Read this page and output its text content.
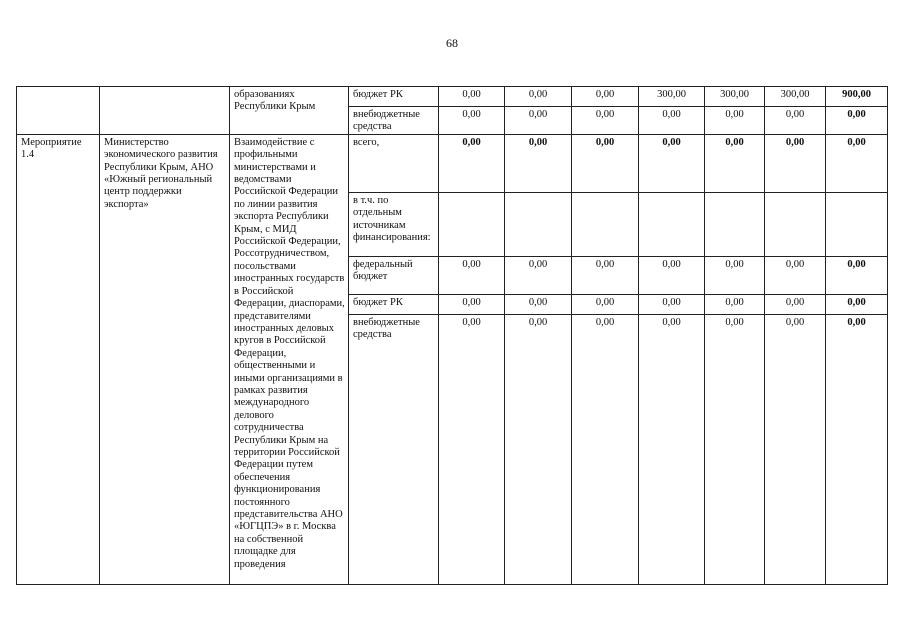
68
		образованиях Республики Крым	бюджет РК	0,00	0,00	0,00	300,00	300,00	300,00	900,00
			внебюджетные средства	0,00	0,00	0,00	0,00	0,00	0,00	0,00
Мероприятие 1.4	Министерство экономического развития Республики Крым, АНО «Южный региональный центр поддержки экспорта»	Взаимодействие с профильными министерствами и ведомствами Российской Федерации по линии развития экспорта Республики Крым, с МИД Российской Федерации, Россотрудничеством, посольствами иностранных государств в Российской Федерации, диаспорами, представителями иностранных деловых кругов в Российской Федерации, общественными и иными организациями в рамках развития международного делового сотрудничества Республики Крым на территории Российской Федерации путем обеспечения функционирования постоянного представительства АНО «ЮГЦПЭ» в г. Москва на собственной площадке для проведения	всего,	0,00	0,00	0,00	0,00	0,00	0,00	0,00
			в т.ч. по отдельным источникам финансирования:							
			федеральный бюджет	0,00	0,00	0,00	0,00	0,00	0,00	0,00
			бюджет РК	0,00	0,00	0,00	0,00	0,00	0,00	0,00
			внебюджетные средства	0,00	0,00	0,00	0,00	0,00	0,00	0,00
